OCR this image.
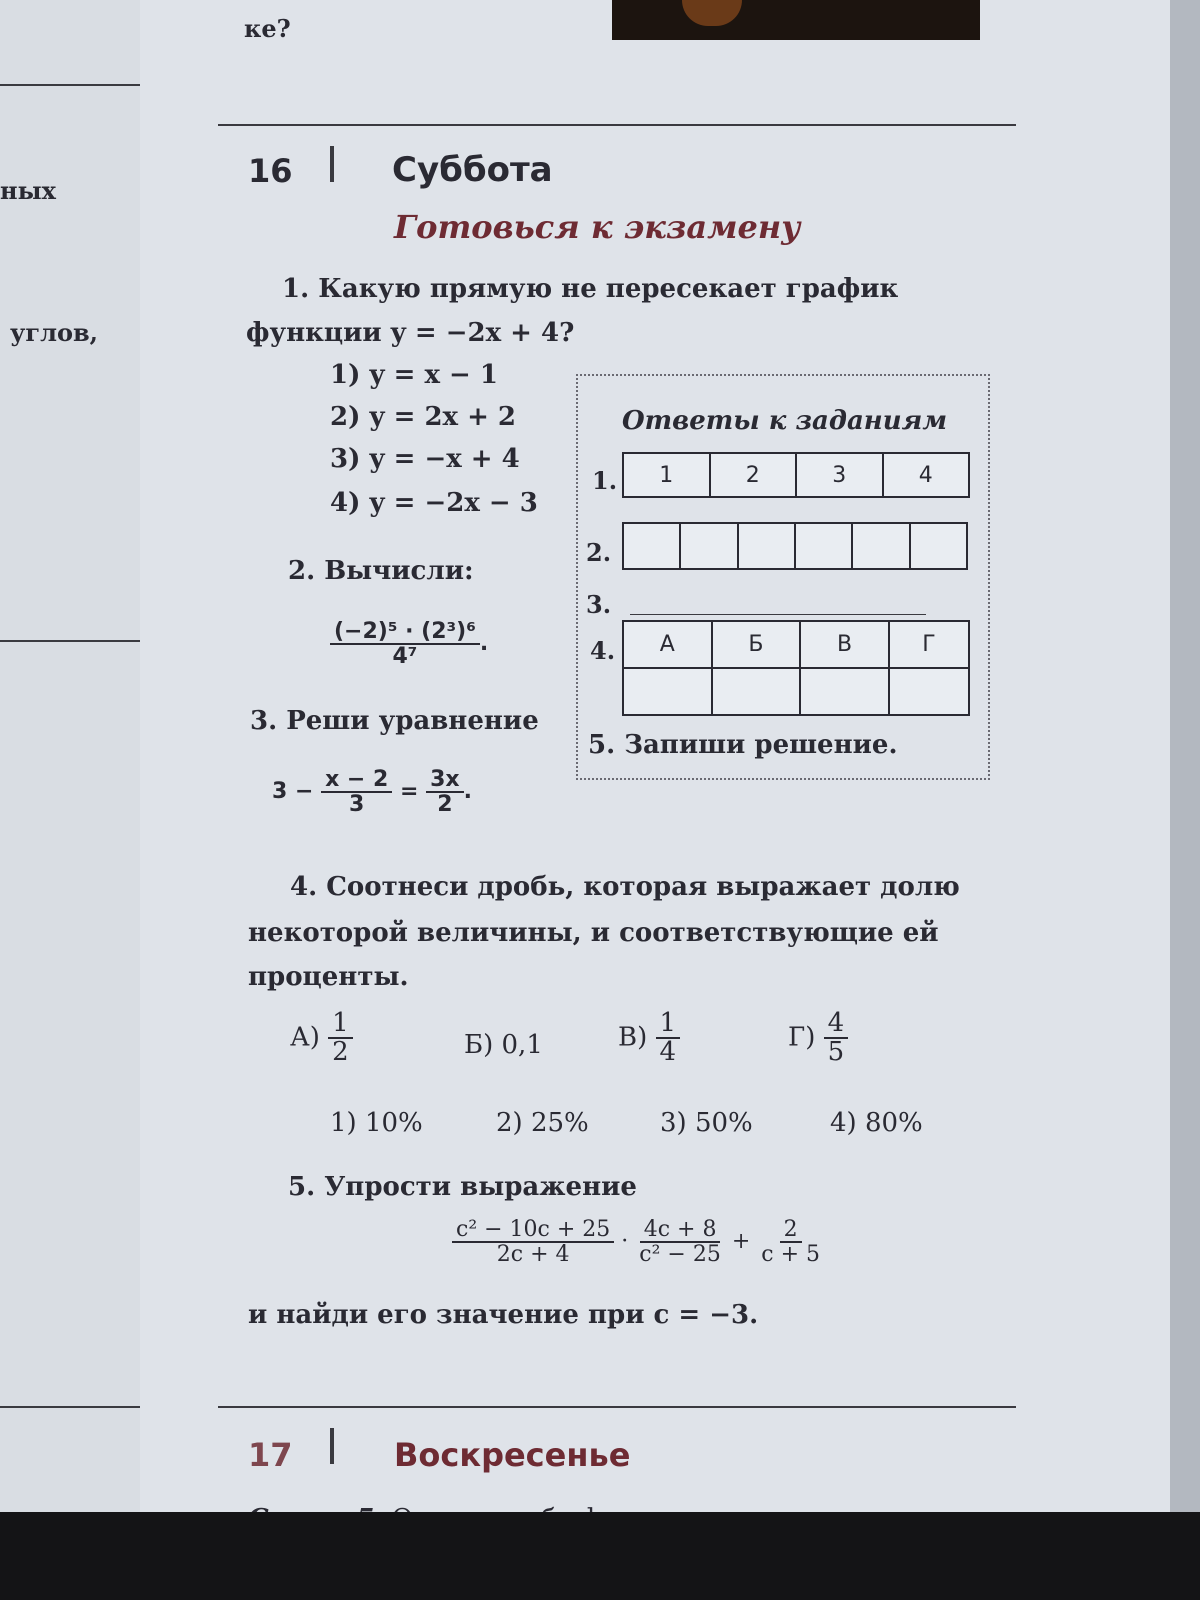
ке?
ных
углов,
16	Суббота
Готовься к экзамену
1. Какую прямую не пересекает график
функции y = −2x + 4?
1) y = x − 1
2) y = 2x + 2
3) y = −x + 4
4) y = −2x − 3
2. Вычисли:
$\frac{\text{(−2)⁵ · (2³)⁶}}{\text{4⁷}}$ .
3. Реши уравнение
$3 - \frac{x - 2}{3} = \frac{3x}{2}$ .
Ответы к заданиям
1. 1	2	3	4
2.

3.
4. А	Б	В	Г

5. Запиши решение.
4. Соотнеси дробь, которая выражает долю
некоторой величины, и соответствующие ей
проценты.
$А) \frac{1}{2}$	Б) 0,1	$В) \frac{1}{4}$	$Г) \frac{4}{5}$
1) 10%	2) 25%	3) 50%	4) 80%
5. Упрости выражение
$\frac{\text{c² − 10c + 25}}{2c + 4} \cdot \frac{4c + 8}{\text{c² − 25}} + \frac{2}{c + 5}$
и найди его значение при c = −3.
17	Воскресенье
